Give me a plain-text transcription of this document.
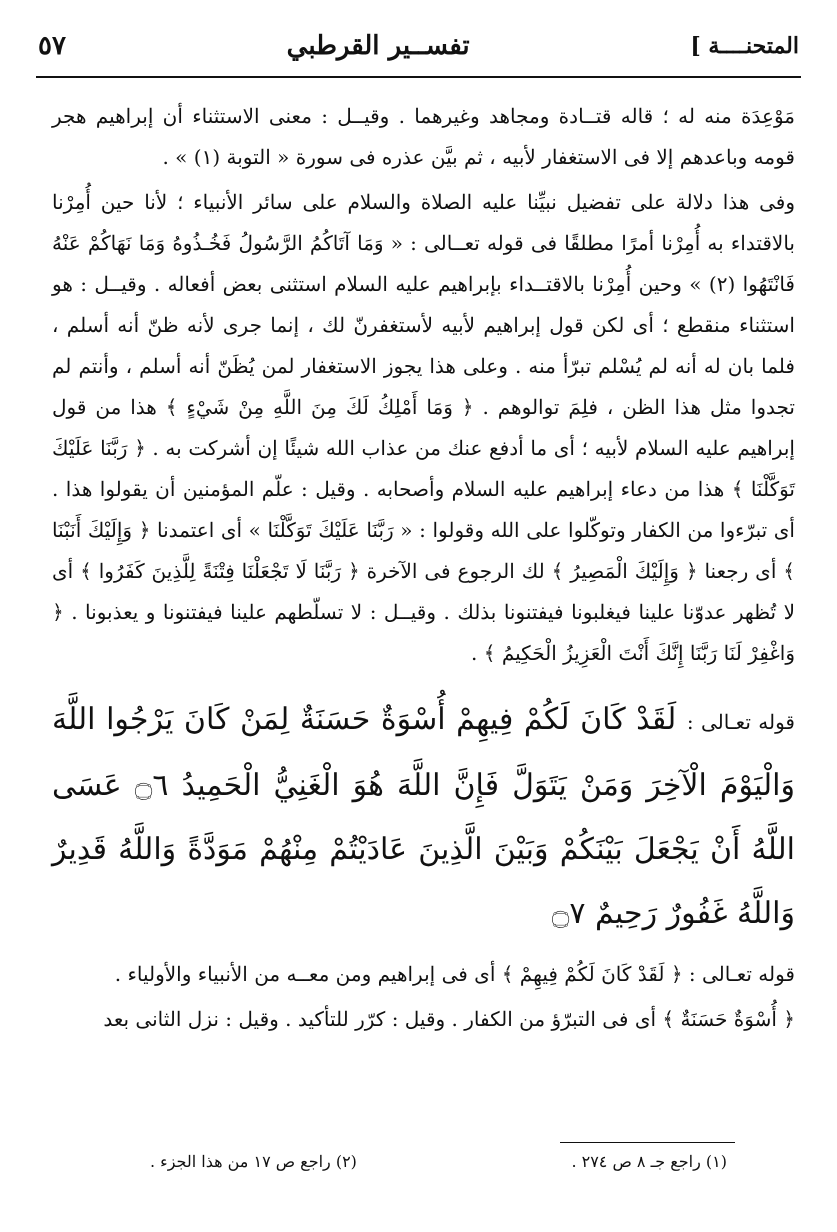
المتحنــــة ]
تفســير القرطبي
٥٧

مَوْعِدَة منه له ؛ قاله قتــادة ومجاهد وغيرهما . وقيــل : معنى الاستثناء أن إبراهيم هجر قومه وباعدهم إلا فى الاستغفار لأبيه ، ثم بيَّن عذره فى سورة « التوبة (١) » .

وفى هذا دلالة على تفضيل نبيِّنا عليه الصلاة والسلام على سائر الأنبياء ؛ لأنا حين أُمِرْنا بالاقتداء به أُمِرْنا أمرًا مطلقًا فى قوله تعــالى : « وَمَا آتَاكُمُ الرَّسُولُ فَخُـذُوهُ وَمَا نَهَاكُمْ عَنْهُ فَانْتَهُوا (٢) » وحين أُمِرْنا بالاقتــداء بإبراهيم عليه السلام استثنى بعض أفعاله . وقيــل : هو استثناء منقطع ؛ أى لكن قول إبراهيم لأبيه لأستغفرنّ لك ، إنما جرى لأنه ظنّ أنه أسلم ، فلما بان له أنه لم يُسْلم تبرّأ منه . وعلى هذا يجوز الاستغفار لمن يُظَنّ أنه أسلم ، وأنتم لم تجدوا مثل هذا الظن ، فلِمَ توالوهم . ﴿ وَمَا أَمْلِكُ لَكَ مِنَ اللَّهِ مِنْ شَيْءٍ ﴾ هذا من قول إبراهيم عليه السلام لأبيه ؛ أى ما أدفع عنك من عذاب الله شيئًا إن أشركت به . ﴿ رَبَّنَا عَلَيْكَ تَوَكَّلْنَا ﴾ هذا من دعاء إبراهيم عليه السلام وأصحابه . وقيل : علّم المؤمنين أن يقولوا هذا . أى تبرّءوا من الكفار وتوكّلوا على الله وقولوا : « رَبَّنَا عَلَيْكَ تَوَكَّلْنَا » أى اعتمدنا ﴿ وَإِلَيْكَ أَنَبْنَا ﴾ أى رجعنا ﴿ وَإِلَيْكَ الْمَصِيرُ ﴾ لك الرجوع فى الآخرة ﴿ رَبَّنَا لَا تَجْعَلْنَا فِتْنَةً لِلَّذِينَ كَفَرُوا ﴾ أى لا تُظهر عدوّنا علينا فيغلبونا فيفتنونا بذلك . وقيــل : لا تسلّطهم علينا فيفتنونا و يعذبونا . ﴿ وَاغْفِرْ لَنَا رَبَّنَا إِنَّكَ أَنْتَ الْعَزِيزُ الْحَكِيمُ ﴾ .

قوله تعـالى : لَقَدْ كَانَ لَكُمْ فِيهِمْ أُسْوَةٌ حَسَنَةٌ لِمَنْ كَانَ يَرْجُوا اللَّهَ وَالْيَوْمَ الْآخِرَ وَمَنْ يَتَوَلَّ فَإِنَّ اللَّهَ هُوَ الْغَنِيُّ الْحَمِيدُ ۝٦ عَسَى اللَّهُ أَنْ يَجْعَلَ بَيْنَكُمْ وَبَيْنَ الَّذِينَ عَادَيْتُمْ مِنْهُمْ مَوَدَّةً وَاللَّهُ قَدِيرٌ وَاللَّهُ غَفُورٌ رَحِيمٌ ۝٧

قوله تعـالى : ﴿ لَقَدْ كَانَ لَكُمْ فِيهِمْ ﴾ أى فى إبراهيم ومن معــه من الأنبياء والأولياء .

﴿ أُسْوَةٌ حَسَنَةٌ ﴾ أى فى التبرّؤ من الكفار . وقيل : كرّر للتأكيد . وقيل : نزل الثانى بعد

(١) راجع جـ ٨ ص ٢٧٤ .
(٢) راجع ص ١٧ من هذا الجزء .
